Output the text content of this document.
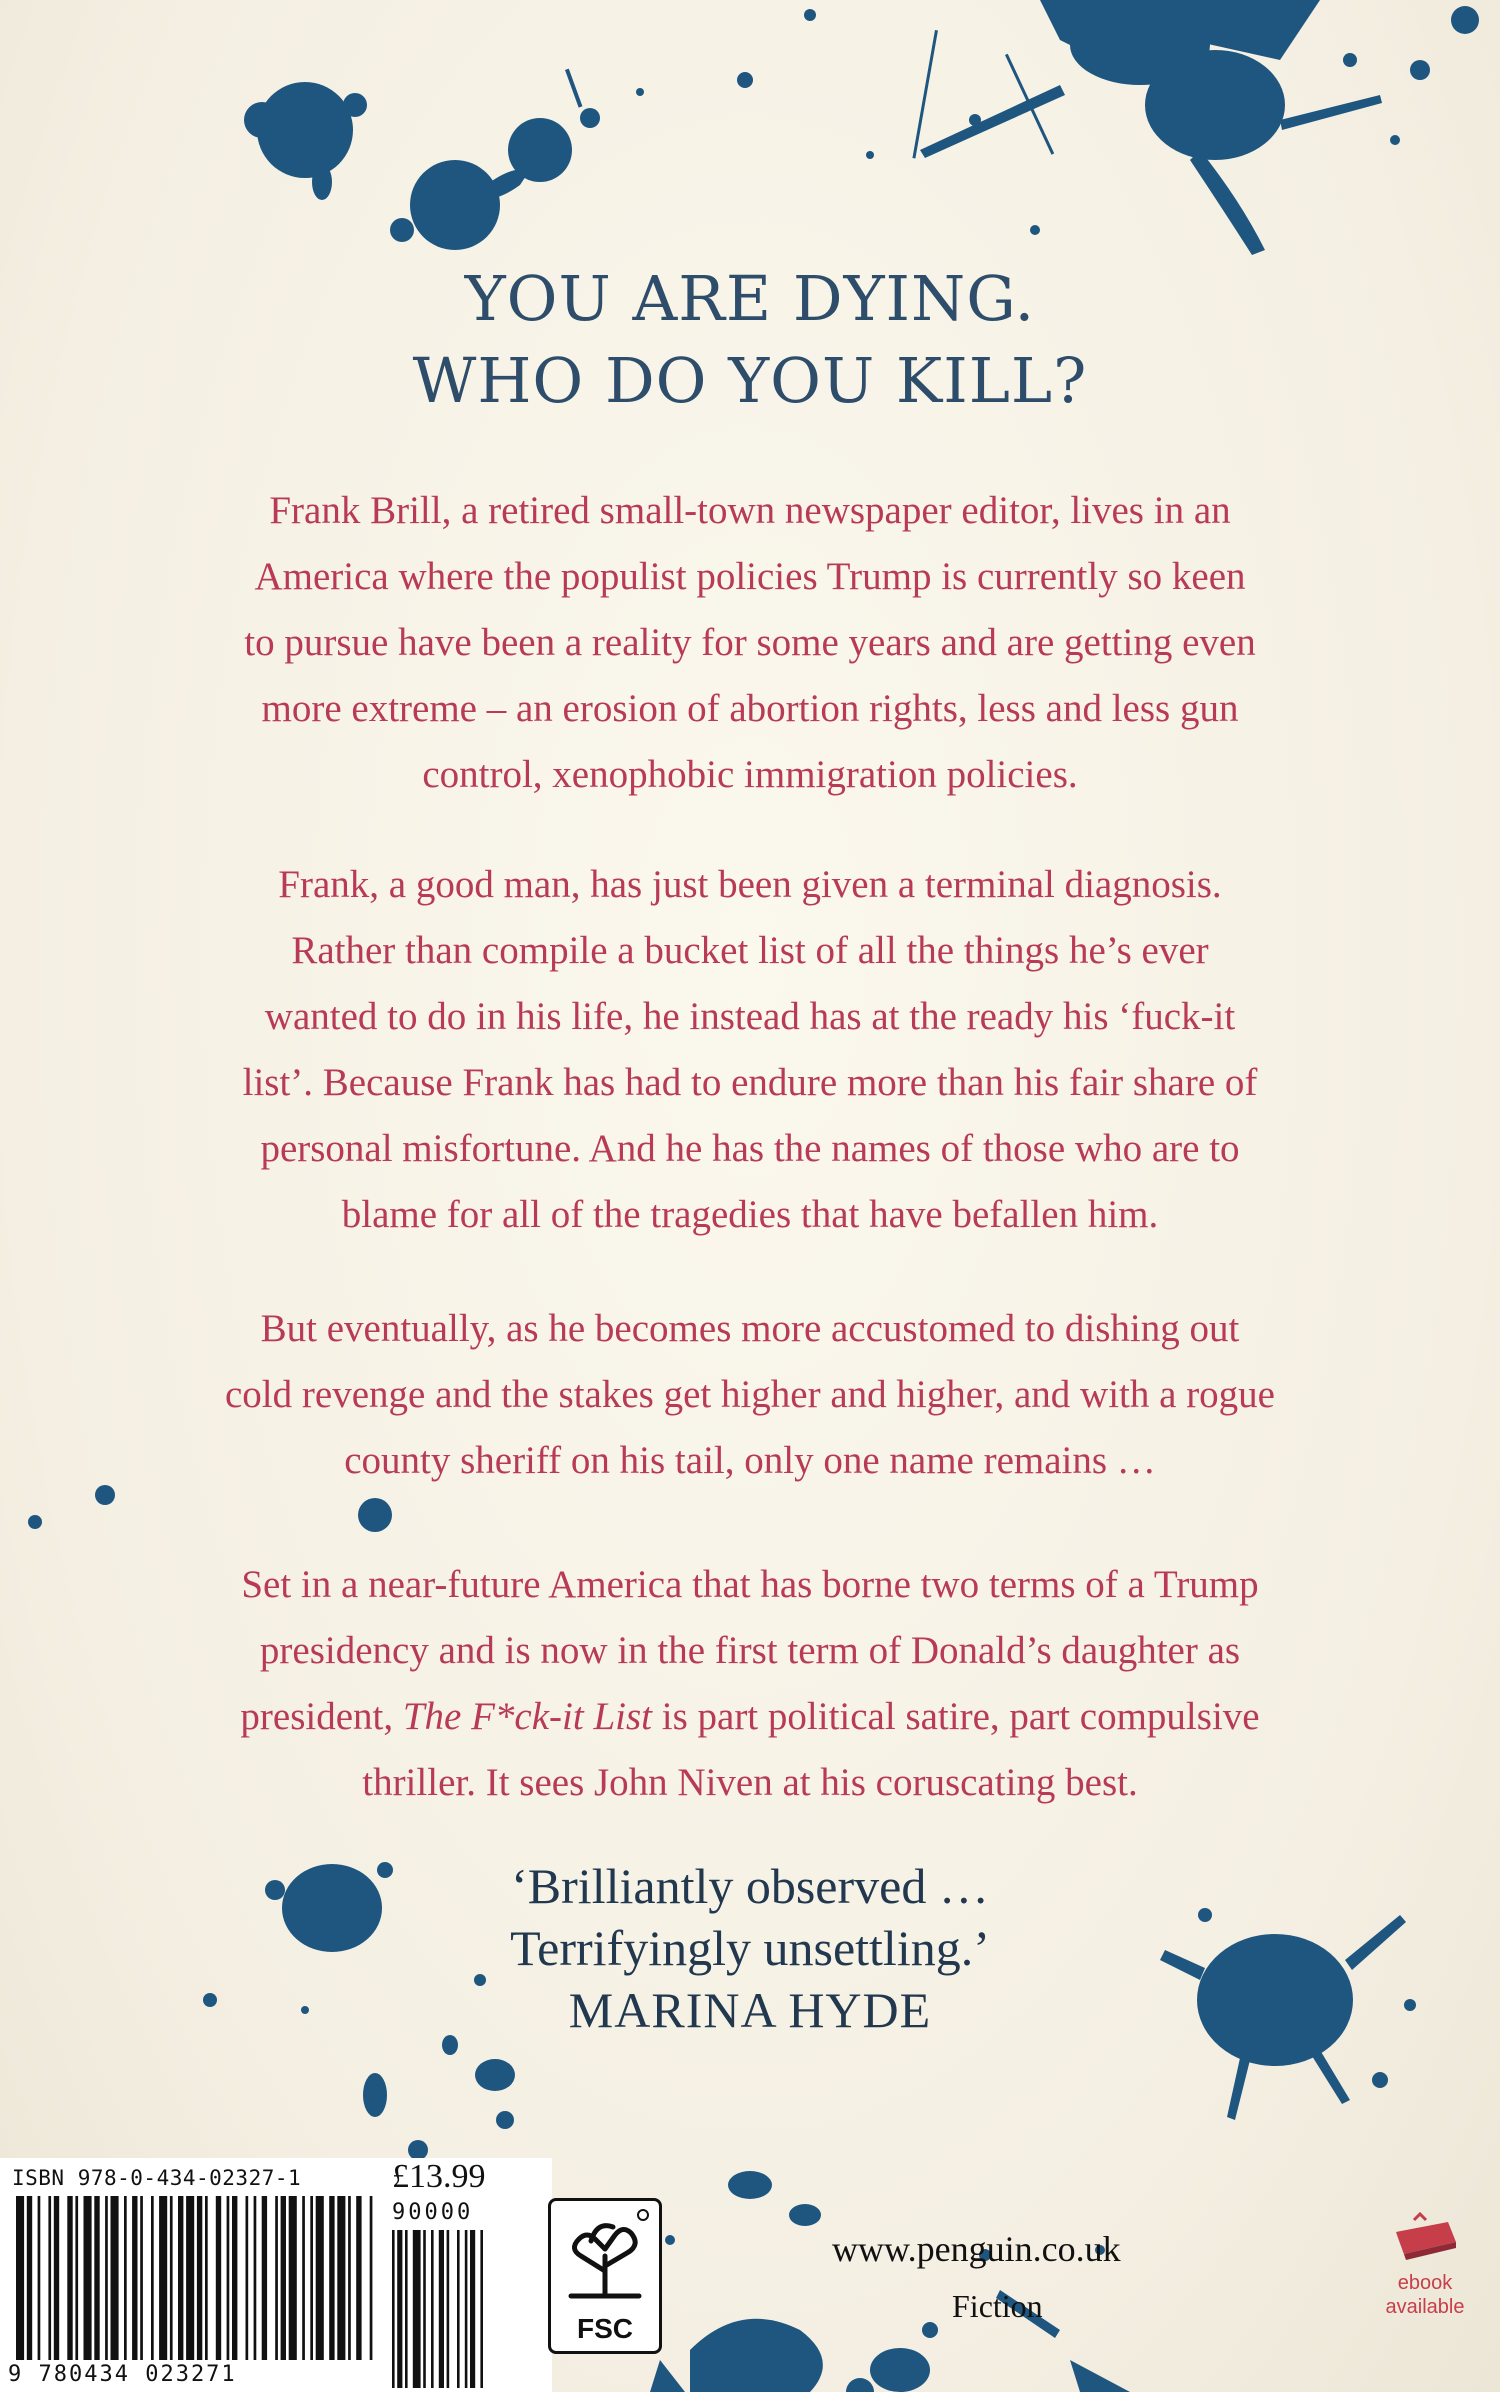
YOU ARE DYING.
WHO DO YOU KILL?
Frank Brill, a retired small-town newspaper editor, lives in an
America where the populist policies Trump is currently so keen
to pursue have been a reality for some years and are getting even
more extreme – an erosion of abortion rights, less and less gun
control, xenophobic immigration policies.
Frank, a good man, has just been given a terminal diagnosis.
Rather than compile a bucket list of all the things he’s ever
wanted to do in his life, he instead has at the ready his ‘fuck-it
list’. Because Frank has had to endure more than his fair share of
personal misfortune. And he has the names of those who are to
blame for all of the tragedies that have befallen him.
But eventually, as he becomes more accustomed to dishing out
cold revenge and the stakes get higher and higher, and with a rogue
county sheriff on his tail, only one name remains …
Set in a near-future America that has borne two terms of a Trump
presidency and is now in the first term of Donald’s daughter as
president, The F*ck-it List is part political satire, part compulsive
thriller. It sees John Niven at his coruscating best.
‘Brilliantly observed …
Terrifyingly unsettling.’
MARINA HYDE
ISBN 978-0-434-02327-1	£13.99
90000
9 780434 023271
FSC
www.penguin.co.uk
Fiction
ebook
available
